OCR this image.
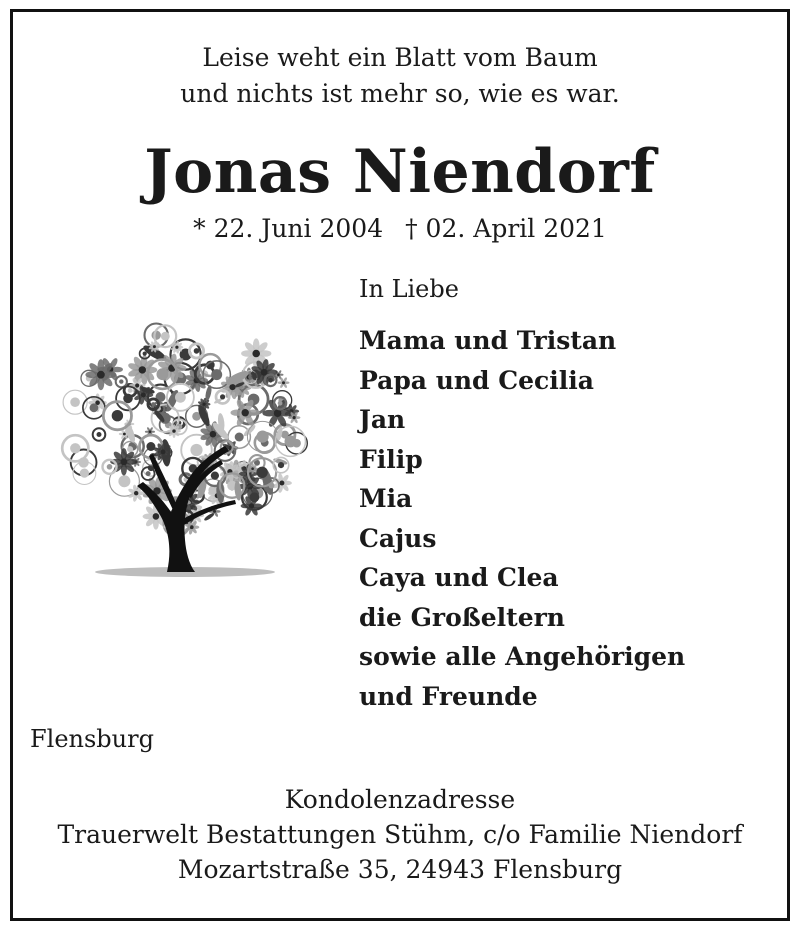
Leise weht ein Blatt vom Baum
und nichts ist mehr so, wie es war.
Jonas Niendorf
* 22. Juni 2004 † 02. April 2021
In Liebe
Mama und Tristan
Papa und Cecilia
Jan
Filip
Mia
Cajus
Caya und Clea
die Großeltern
sowie alle Angehörigen
und Freunde
Flensburg
Kondolenzadresse
Trauerwelt Bestattungen Stühm, c/o Familie Niendorf
Mozartstraße 35, 24943 Flensburg
